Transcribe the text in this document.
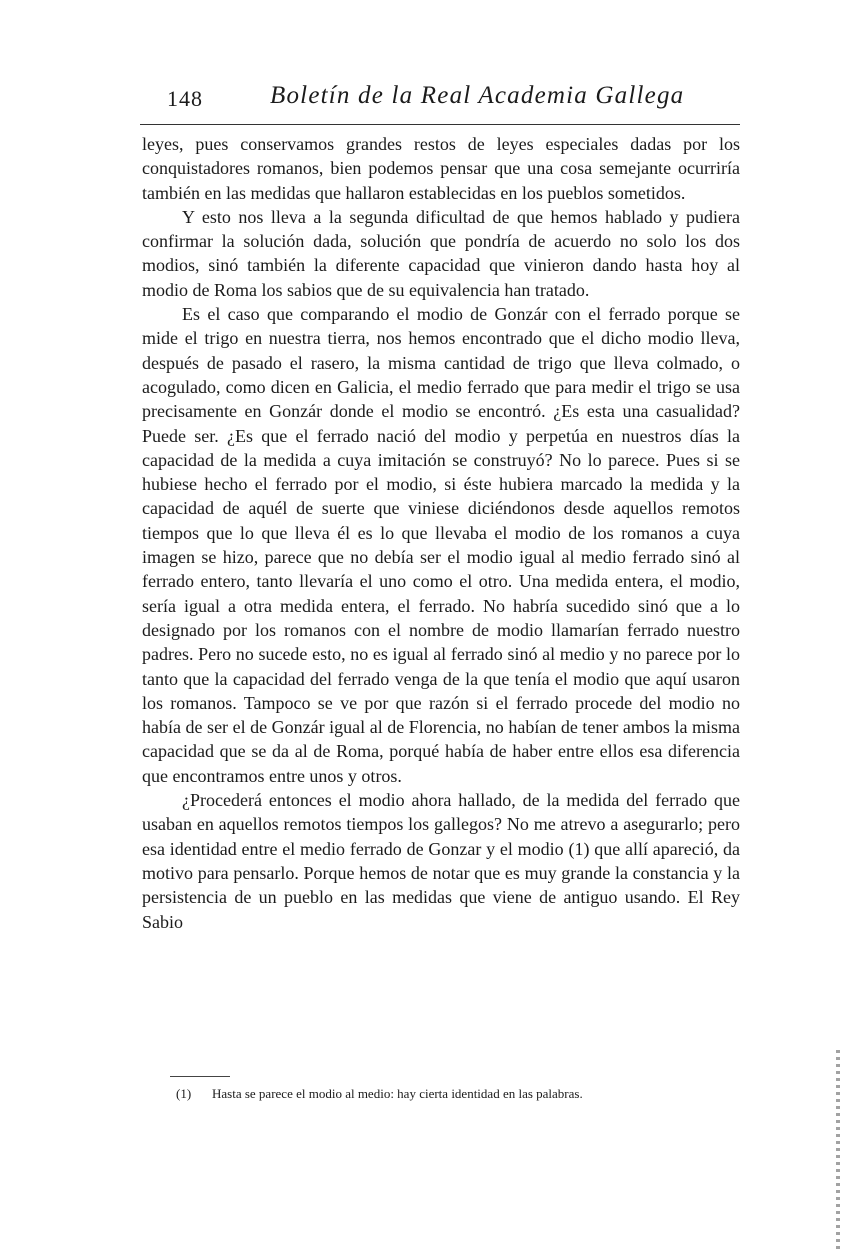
148	Boletín de la Real Academia Gallega

leyes, pues conservamos grandes restos de leyes especiales dadas por los conquistadores romanos, bien podemos pensar que una cosa semejante ocurriría también en las medidas que hallaron establecidas en los pueblos sometidos.

Y esto nos lleva a la segunda dificultad de que hemos hablado y pudiera confirmar la solución dada, solución que pondría de acuerdo no solo los dos modios, sinó también la diferente capacidad que vinieron dando hasta hoy al modio de Roma los sabios que de su equivalencia han tratado.

Es el caso que comparando el modio de Gonzár con el ferrado porque se mide el trigo en nuestra tierra, nos hemos encontrado que el dicho modio lleva, después de pasado el rasero, la misma cantidad de trigo que lleva colmado, o acogulado, como dicen en Galicia, el medio ferrado que para medir el trigo se usa precisamente en Gonzár donde el modio se encontró. ¿Es esta una casualidad? Puede ser. ¿Es que el ferrado nació del modio y perpetúa en nuestros días la capacidad de la medida a cuya imitación se construyó? No lo parece. Pues si se hubiese hecho el ferrado por el modio, si éste hubiera marcado la medida y la capacidad de aquél de suerte que viniese diciéndonos desde aquellos remotos tiempos que lo que lleva él es lo que llevaba el modio de los romanos a cuya imagen se hizo, parece que no debía ser el modio igual al medio ferrado sinó al ferrado entero, tanto llevaría el uno como el otro. Una medida entera, el modio, sería igual a otra medida entera, el ferrado. No habría sucedido sinó que a lo designado por los romanos con el nombre de modio llamarían ferrado nuestro padres. Pero no sucede esto, no es igual al ferrado sinó al medio y no parece por lo tanto que la capacidad del ferrado venga de la que tenía el modio que aquí usaron los romanos. Tampoco se ve por que razón si el ferrado procede del modio no había de ser el de Gonzár igual al de Florencia, no habían de tener ambos la misma capacidad que se da al de Roma, porqué había de haber entre ellos esa diferencia que encontramos entre unos y otros.

¿Procederá entonces el modio ahora hallado, de la medida del ferrado que usaban en aquellos remotos tiempos los gallegos? No me atrevo a asegurarlo; pero esa identidad entre el medio ferrado de Gonzar y el modio (1) que allí apareció, da motivo para pensarlo. Porque hemos de notar que es muy grande la constancia y la persistencia de un pueblo en las medidas que viene de antiguo usando. El Rey Sabio

(1) Hasta se parece el modio al medio: hay cierta identidad en las palabras.
